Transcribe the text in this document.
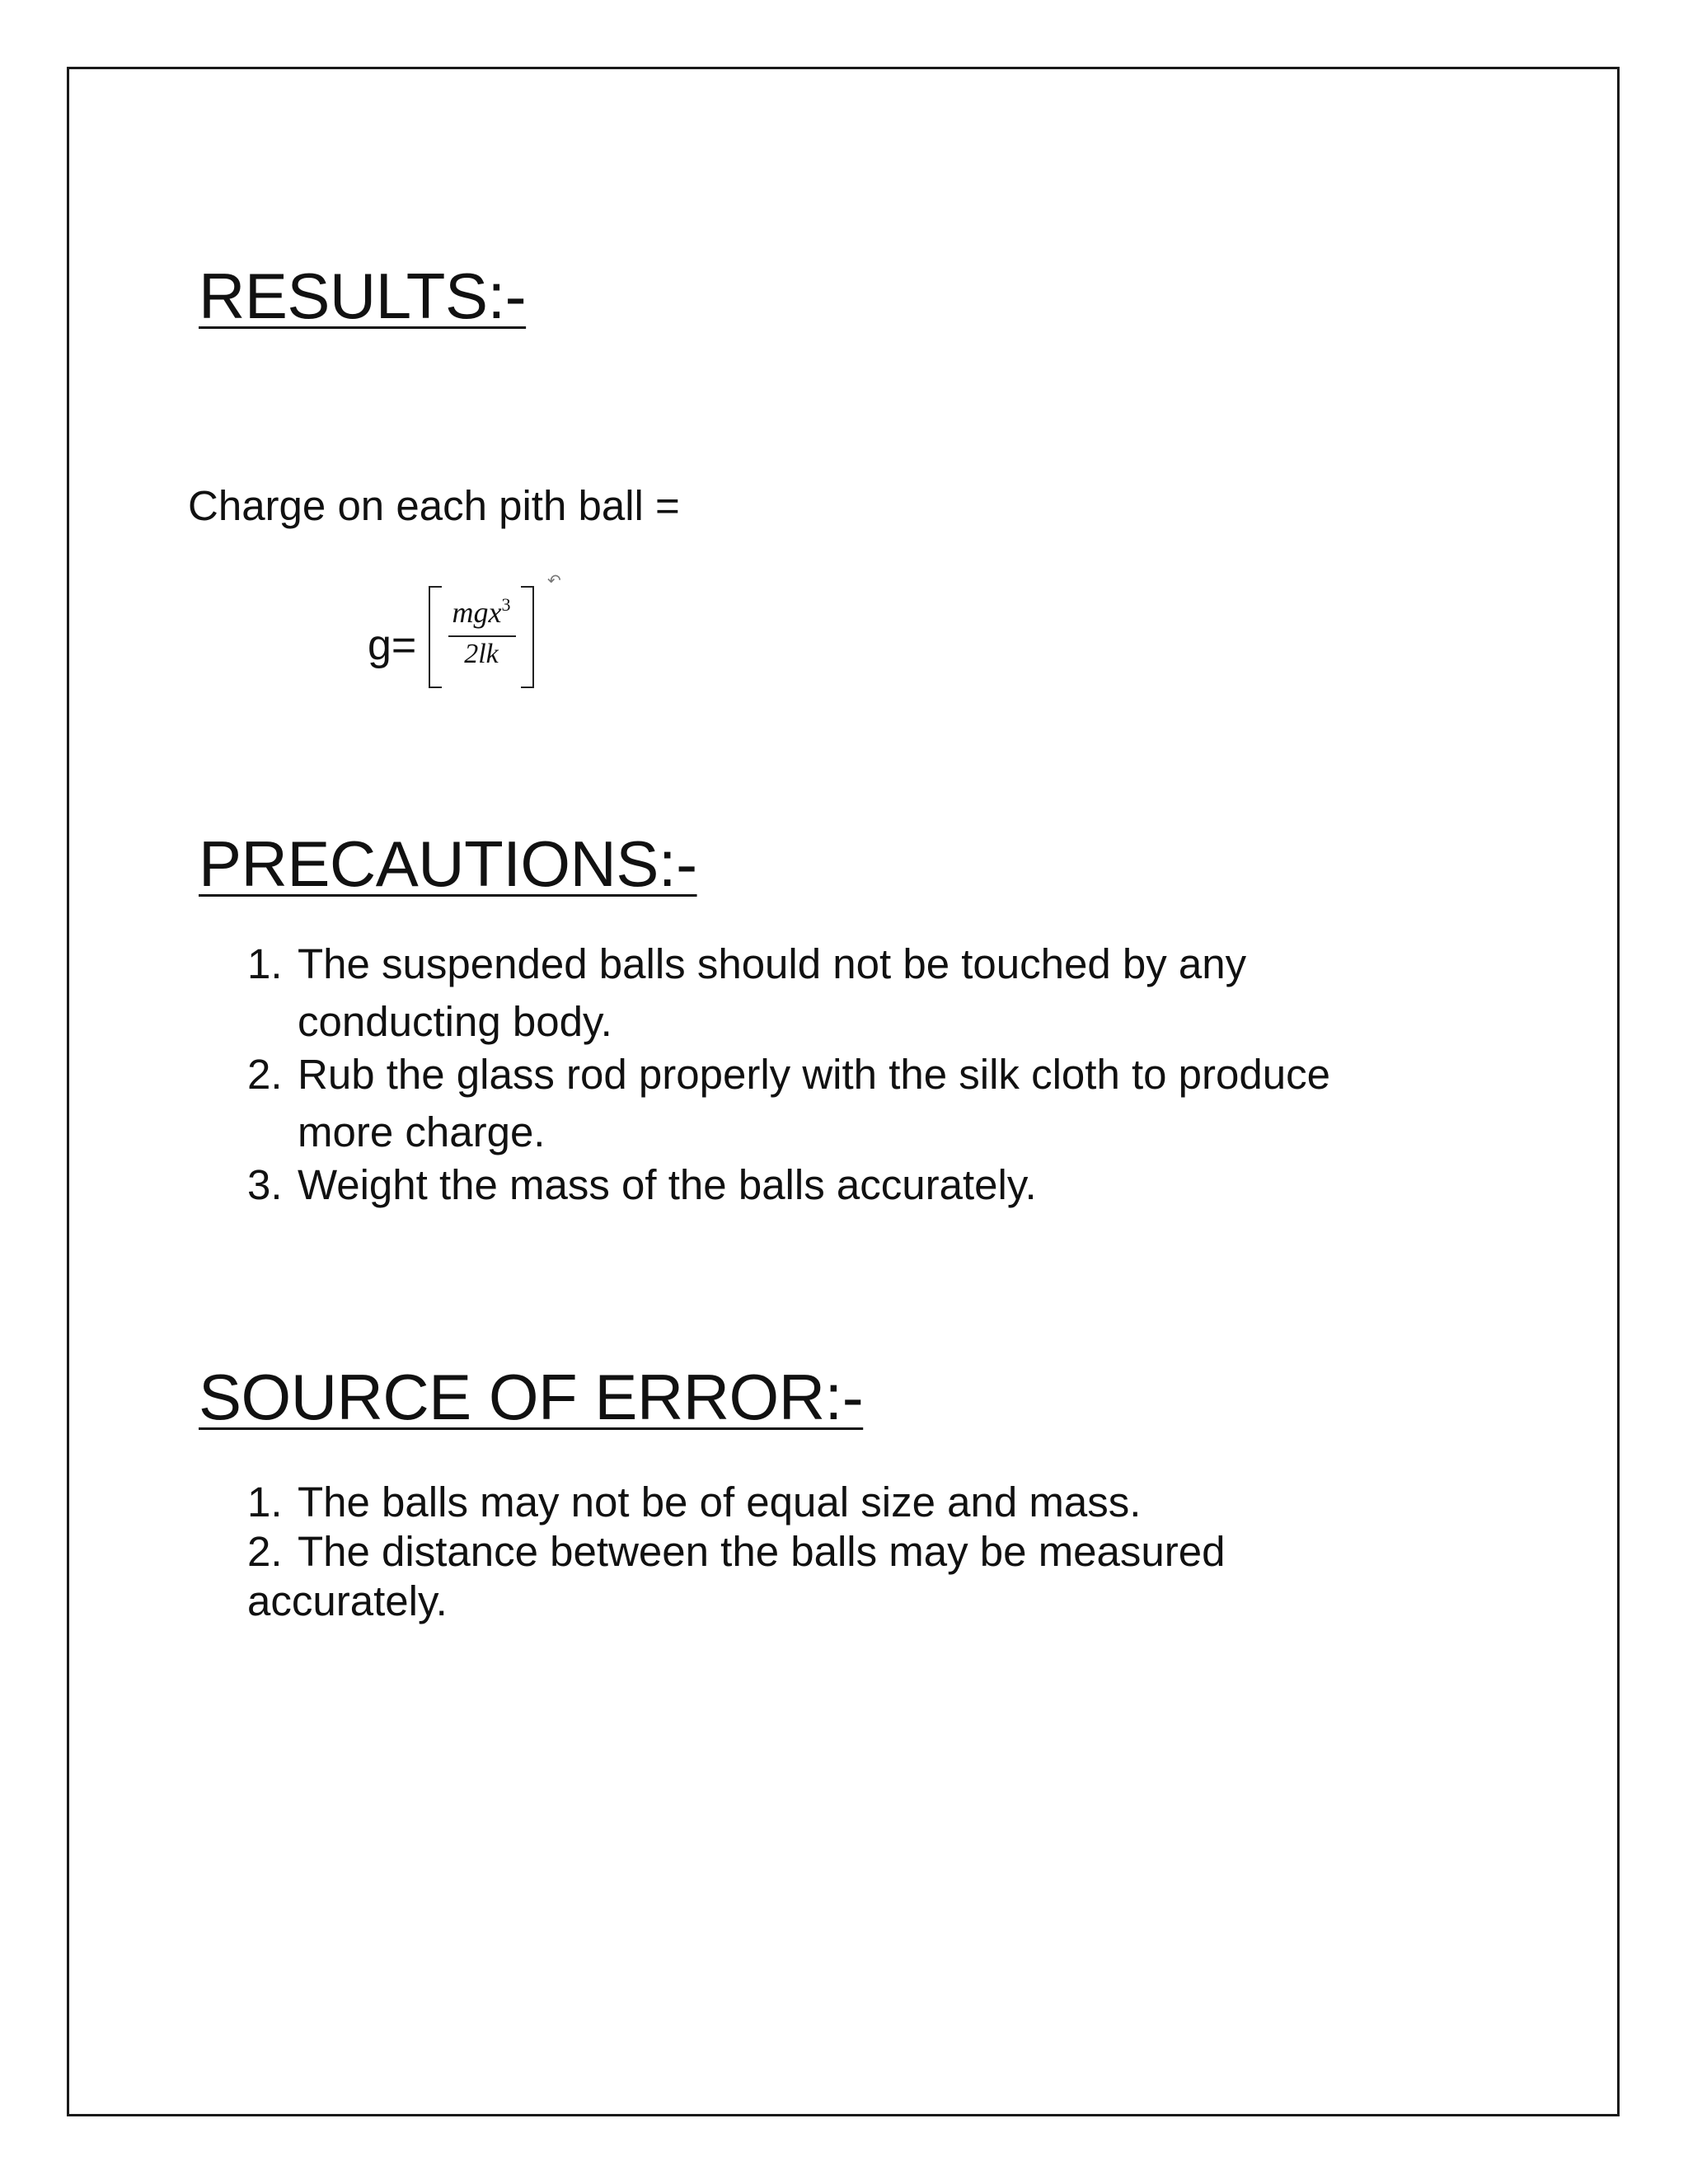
RESULTS:-
Charge on each pith ball =
g=
mgx$^3$
2lk
↶
PRECAUTIONS:-
1. The suspended balls should not be touched by any
conducting body.
2. Rub the glass rod properly with the silk cloth to produce
more charge.
3. Weight the mass of the balls accurately.
SOURCE OF ERROR:-
1. The balls may not be of equal size and mass.
2. The distance between the balls may be measured
accurately.
